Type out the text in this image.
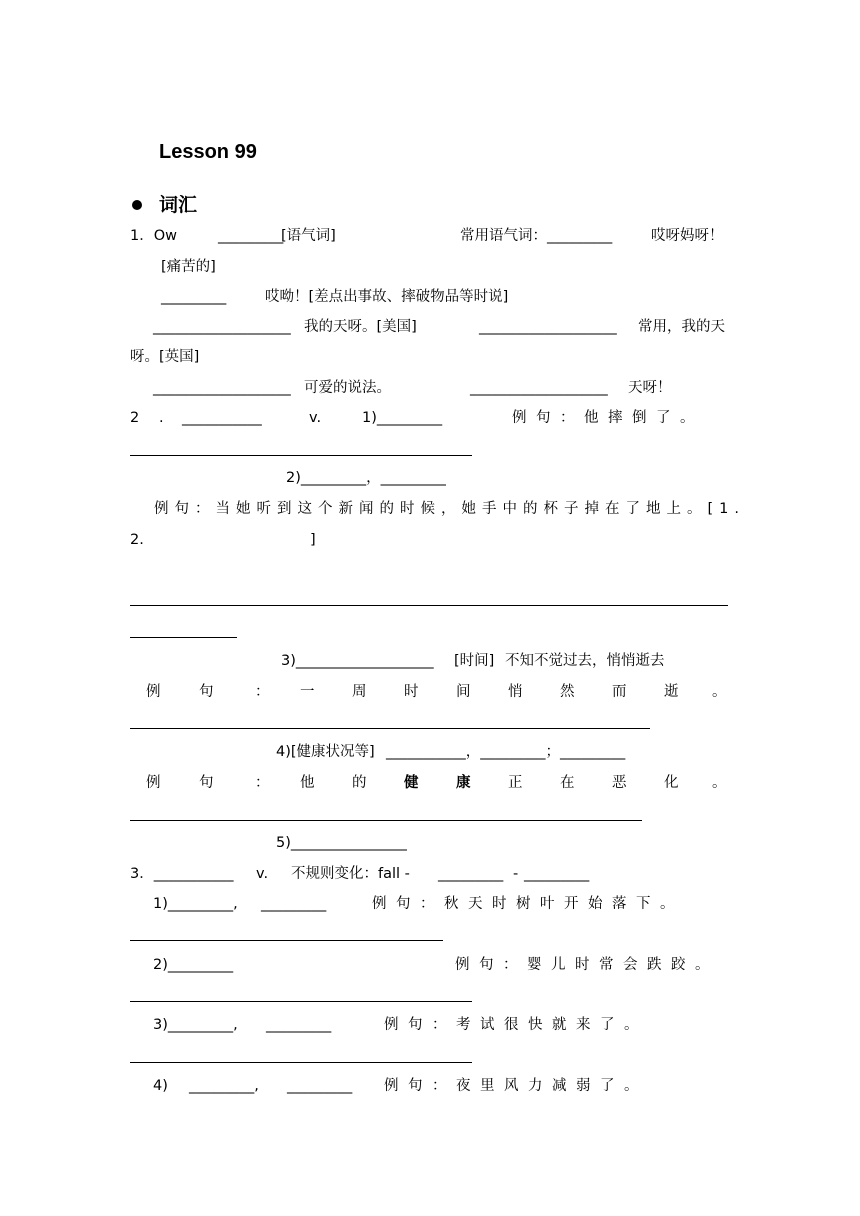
Lesson 99
词汇
1．Ow	_________
[语气词]	常用语气词：_________	哎呀妈呀！
[痛苦的]
_________	哎呦！[差点出事故、摔破物品等时说]
___________________ 我的天呀。[美国]	___________________ 常用，我的天
呀。[英国]
___________________ 可爱的说法。	___________________ 天呀！
2 . ___________	v.	1)_________	例句：他摔倒了。
2)_________，_________
例句：当她听到这个新闻的时候，她手中的杯子掉在了地上。[1.
2.	]
3)___________________ [时间] 不知不觉过去，悄悄逝去
例	句	： 一	周	时	间	悄	然	而	逝 。
4)[健康状况等] ___________，_________；_________
例	句	： 他	的	健	康	正	在	恶	化 。
5)________________
3．___________ v. 不规则变化：fall - _________ - _________
1)_________, _________	例句：秋天时树叶开始落下。
2)_________	例句：婴儿时常会跌跤。
3)_________, _________	例句：考试很快就来了。
4) _________, _________ 例句：夜里风力减弱了。
